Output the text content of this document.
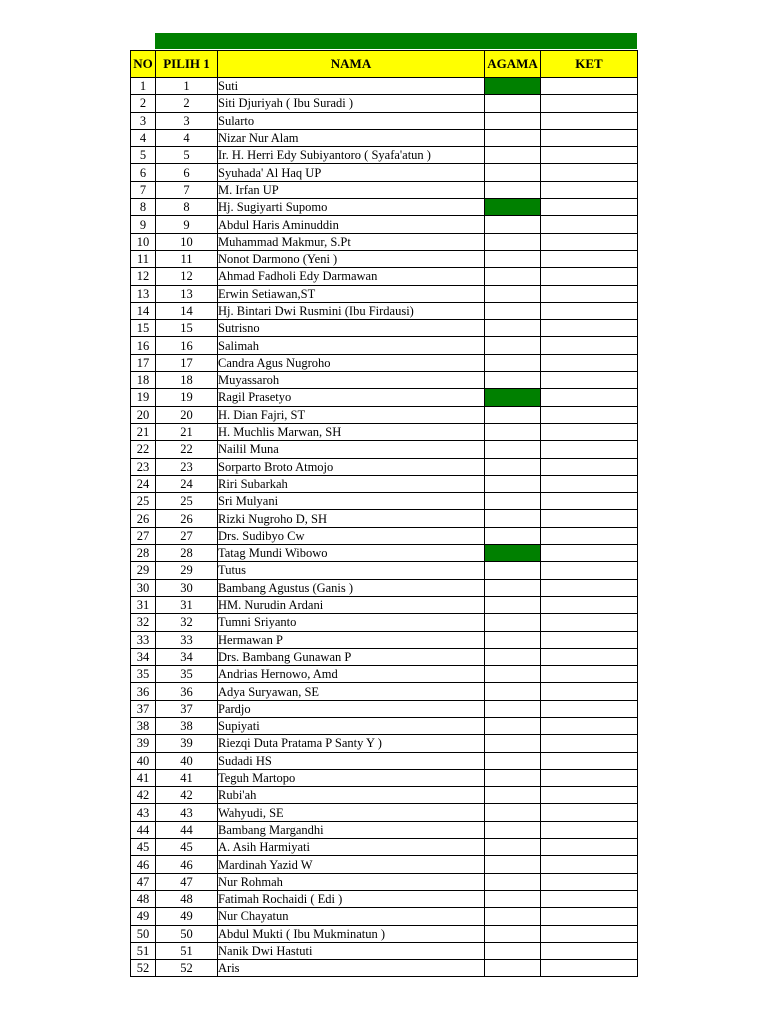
NO	PILIH 1	NAMA	AGAMA	KET
1	1	Suti		
2	2	Siti Djuriyah ( Ibu Suradi )		
3	3	Sularto		
4	4	Nizar Nur Alam		
5	5	Ir. H. Herri Edy Subiyantoro ( Syafa'atun )		
6	6	Syuhada' Al Haq UP		
7	7	M. Irfan UP		
8	8	Hj. Sugiyarti Supomo		
9	9	Abdul Haris Aminuddin		
10	10	Muhammad Makmur, S.Pt		
11	11	Nonot Darmono (Yeni )		
12	12	Ahmad Fadholi Edy Darmawan		
13	13	Erwin Setiawan,ST		
14	14	Hj. Bintari Dwi Rusmini (Ibu Firdausi)		
15	15	Sutrisno		
16	16	Salimah		
17	17	Candra Agus Nugroho		
18	18	Muyassaroh		
19	19	Ragil Prasetyo		
20	20	H. Dian Fajri, ST		
21	21	H. Muchlis Marwan, SH		
22	22	Nailil Muna		
23	23	Sorparto Broto Atmojo		
24	24	Riri Subarkah		
25	25	Sri Mulyani		
26	26	Rizki Nugroho D, SH		
27	27	Drs. Sudibyo Cw		
28	28	Tatag Mundi Wibowo		
29	29	Tutus		
30	30	Bambang Agustus (Ganis )		
31	31	HM. Nurudin Ardani		
32	32	Tumni Sriyanto		
33	33	Hermawan P		
34	34	Drs. Bambang Gunawan P		
35	35	Andrias Hernowo, Amd		
36	36	Adya Suryawan, SE		
37	37	Pardjo		
38	38	Supiyati		
39	39	Riezqi Duta Pratama P Santy Y )		
40	40	Sudadi HS		
41	41	Teguh Martopo		
42	42	Rubi'ah		
43	43	Wahyudi, SE		
44	44	Bambang Margandhi		
45	45	A. Asih Harmiyati		
46	46	Mardinah Yazid W		
47	47	Nur Rohmah		
48	48	Fatimah Rochaidi ( Edi )		
49	49	Nur Chayatun		
50	50	Abdul Mukti ( Ibu Mukminatun )		
51	51	Nanik Dwi Hastuti		
52	52	Aris		
